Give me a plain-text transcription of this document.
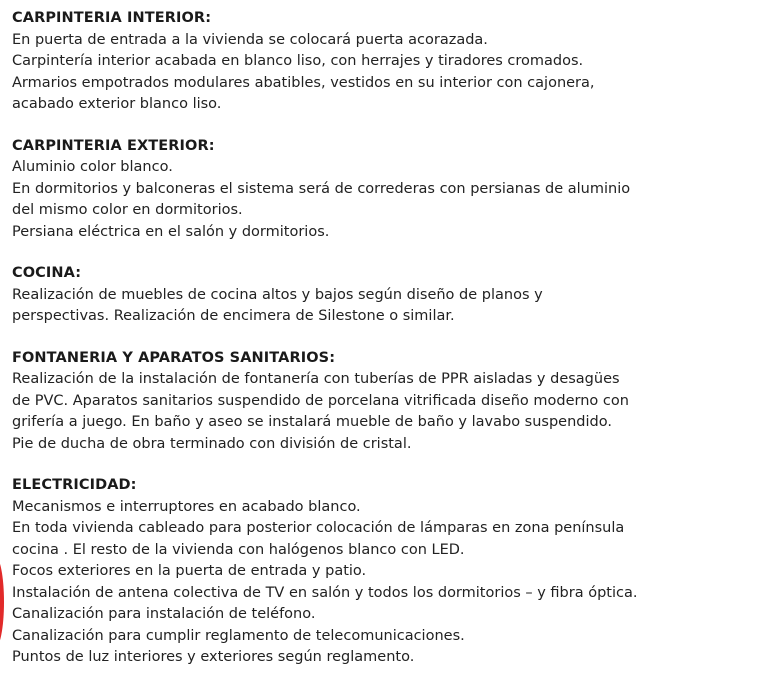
CARPINTERIA INTERIOR:
En puerta de entrada a la vivienda se colocará puerta acorazada.
Carpintería interior acabada en blanco liso, con herrajes y tiradores cromados.
Armarios empotrados modulares abatibles, vestidos en su interior con cajonera,
acabado exterior blanco liso.
CARPINTERIA EXTERIOR:
Aluminio color blanco.
En dormitorios y balconeras el sistema será de correderas con persianas de aluminio
del mismo color en dormitorios.
Persiana eléctrica en el salón y dormitorios.
COCINA:
Realización de muebles de cocina altos y bajos según diseño de planos y
perspectivas. Realización de encimera de Silestone o similar.
FONTANERIA Y APARATOS SANITARIOS:
Realización de la instalación de fontanería con tuberías de PPR aisladas y desagües
de PVC. Aparatos sanitarios suspendido de porcelana vitrificada diseño moderno con
grifería a juego. En baño y aseo se instalará mueble de baño y lavabo suspendido.
Pie de ducha de obra terminado con división de cristal.
ELECTRICIDAD:
Mecanismos e interruptores en acabado blanco.
En toda vivienda cableado para posterior colocación de lámparas en zona península
cocina . El resto de la vivienda con halógenos blanco con LED.
Focos exteriores en la puerta de entrada y patio.
Instalación de antena colectiva de TV en salón y todos los dormitorios – y fibra óptica.
Canalización para instalación de teléfono.
Canalización para cumplir reglamento de telecomunicaciones.
Puntos de luz interiores y exteriores según reglamento.
